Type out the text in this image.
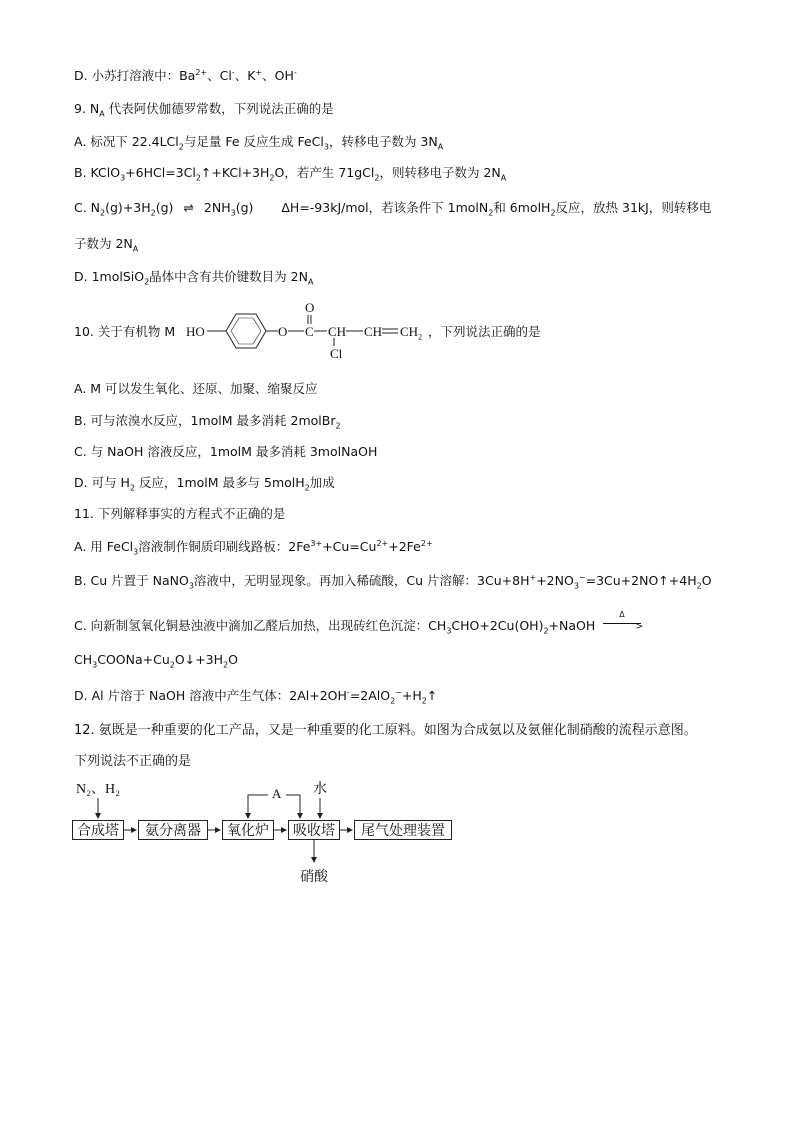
D. 小苏打溶液中：$Ba^{2+}$、Cl-、K+、OH-
9. $N_A$ 代表阿伏伽德罗常数，下列说法正确的是
A. 标况下 22.4LCl$_2$与足量 Fe 反应生成 FeCl$_3$，转移电子数为 $3N_A$
B. $KClO_3+6HCl=3Cl_2↑+KCl+3H_2O$，若产生 71gCl$_2$，则转移电子数为 $2N_A$
C. $N_2(g)+3H_2(g)$ ⇌ $2NH_3(g)$ ΔH=-93kJ/mol，若该条件下 1molN$_2$和 6molH$_2$反应，放热 31kJ，则转移电
子数为 $2N_A$
D. 1molSiO$_2$晶体中含有共价键数目为 $2N_A$
10. 关于有机物 M HO	O C
O
CH
Cl
CH $CH_2$ ，下列说法正确的是
A. M 可以发生氧化、还原、加聚、缩聚反应
B. 可与浓溴水反应，1molM 最多消耗 2molBr$_2$
C. 与 NaOH 溶液反应，1molM 最多消耗 3molNaOH
D. 可与 $H_2$ 反应，1molM 最多与 5molH$_2$加成
11. 下列解释事实的方程式不正确的是
A. 用 FeCl$_3$溶液制作铜质印刷线路板：$2Fe^{3+}+Cu=Cu^{2+}+2Fe^{2+}$
B. Cu 片置于 NaNO$_3$溶液中，无明显现象。再加入稀硫酸，Cu 片溶解：$3Cu+8H^++2NO_3^-=3Cu+2NO↑+4H_2O$
C. 向新制氢氧化铜悬浊液中滴加乙醛后加热，出现砖红色沉淀：$CH_3CHO+2Cu(OH)_2+NaOH$
Δ
>
$CH_3COONa+Cu_2O↓+3H_2O$
D. Al 片溶于 NaOH 溶液中产生气体：$2Al+2OH^-=2AlO_2^-+H_2↑$
12. 氨既是一种重要的化工产品，又是一种重要的化工原料。如图为合成氨以及氨催化制硝酸的流程示意图。
下列说法不正确的是
N₂、H₂	A 水
硝酸
合成塔	氨分离器	氧化炉	吸收塔	尾气处理装置
